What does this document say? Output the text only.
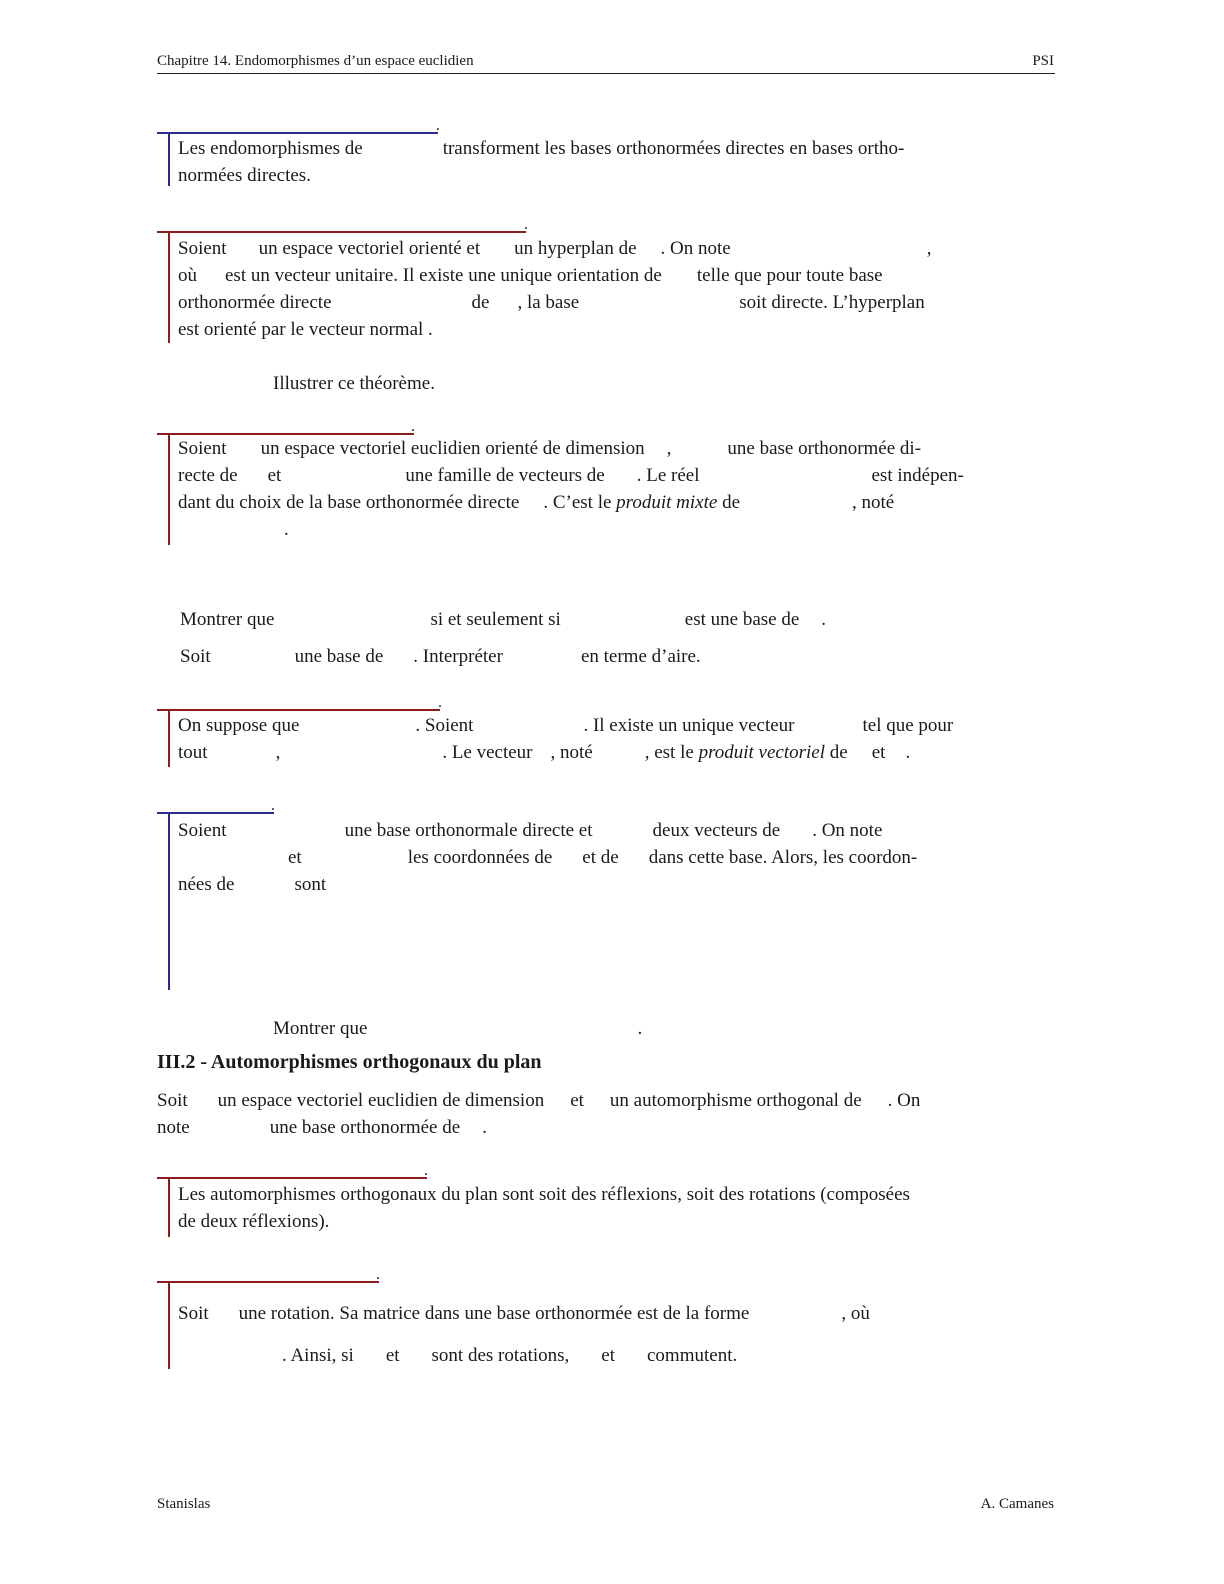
Chapitre 14. Endomorphismes d’un espace euclidien	PSI
.
Les endomorphismes de	transforment les bases orthonormées directes en bases ortho-
normées directes.
.
Soient un espace vectoriel orienté et un hyperplan de . On note	,
où est un vecteur unitaire. Il existe une unique orientation de telle que pour toute base
orthonormée directe	de , la base	soit directe. L’hyperplan
est orienté par le vecteur normal .
Illustrer ce théorème.
.
Soient un espace vectoriel euclidien orienté de dimension ,	une base orthonormée di-
recte de et	une famille de vecteurs de . Le réel	est indépen-
dant du choix de la base orthonormée directe . C’est le produit mixte de	, noté
.
Montrer que	si et seulement si	est une base de .
Soit	une base de . Interpréter	en terme d’aire.
.
On suppose que	. Soient	. Il existe un unique vecteur	tel que pour
tout	,	. Le vecteur , noté	, est le produit vectoriel de et .
.
Soient	une base orthonormale directe et	deux vecteurs de . On note
et	les coordonnées de et de dans cette base. Alors, les coordon-
nées de	sont
Montrer que	.
III.2 - Automorphismes orthogonaux du plan
Soit un espace vectoriel euclidien de dimension et un automorphisme orthogonal de . On
note	une base orthonormée de .
.
Les automorphismes orthogonaux du plan sont soit des réflexions, soit des rotations (composées
de deux réflexions).
.
Soit une rotation. Sa matrice dans une base orthonormée est de la forme	, où
. Ainsi, si et sont des rotations, et commutent.
Stanislas	A. Camanes
